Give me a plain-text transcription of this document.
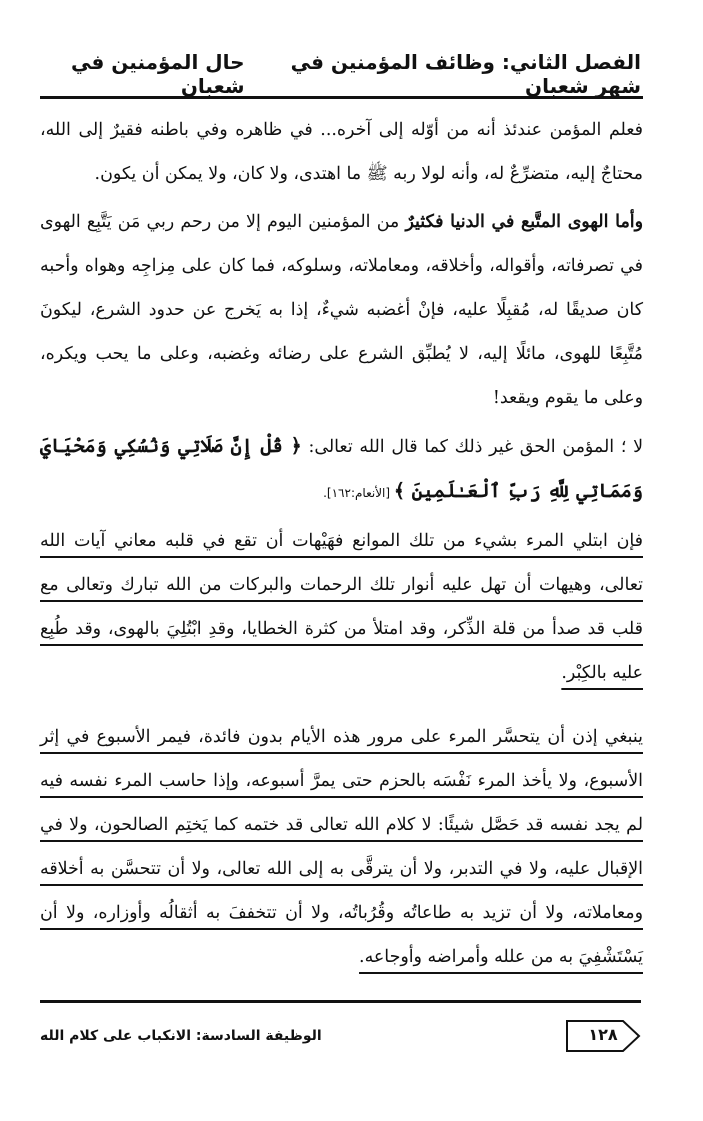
الفصل الثاني: وظائف المؤمنين في شهر شعبان
حال المؤمنين في شعبان

فعلم المؤمن عندئذ أنه من أوّله إلى آخره... في ظاهره وفي باطنه فقيرٌ إلى الله، محتاجٌ إليه، متضرِّعٌ له، وأنه لولا ربه ﷺ ما اهتدى، ولا كان، ولا يمكن أن يكون.

وأما الهوى المتَّبع في الدنيا فكثيرٌ من المؤمنين اليوم إلا من رحم ربي مَن يَتَّبِع الهوى في تصرفاته، وأقواله، وأخلاقه، ومعاملاته، وسلوكه، فما كان على مِزاجِه وهواه وأحبه كان صديقًا له، مُقبِلًا عليه، فإنْ أغضبه شيءٌ، إذا به يَخرج عن حدود الشرع، ليكونَ مُتَّبِعًا للهوى، مائلًا إليه، لا يُطبِّق الشرع على رضائه وغضبه، وعلى ما يحب ويكره، وعلى ما يقوم ويقعد!

لا ؛ المؤمن الحق غير ذلك كما قال الله تعالى: ﴿ قُلْ إِنَّ صَلَاتِي وَنُسُكِي وَمَحْيَايَ وَمَمَاتِي لِلَّهِ رَبِّ ٱلْعَـٰلَمِينَ ﴾ [الأنعام:١٦٢].

فإن ابتلي المرء بشيء من تلك الموانع فهَيْهات أن تقع في قلبه معاني آيات الله تعالى، وهيهات أن تهل عليه أنوار تلك الرحمات والبركات من الله تبارك وتعالى مع قلب قد صدأ من قلة الذِّكر، وقد امتلأ من كثرة الخطايا، وقدِ ابْتُلِيَ بالهوى، وقد طُبِع عليه بالكِبْر.

ينبغي إذن أن يتحسَّر المرء على مرور هذه الأيام بدون فائدة، فيمر الأسبوع في إثر الأسبوع، ولا يأخذ المرء نَفْسَه بالحزم حتى يمرَّ أسبوعه، وإذا حاسب المرء نفسه فيه لم يجد نفسه قد حَصَّل شيئًا: لا كلام الله تعالى قد ختمه كما يَختِم الصالحون، ولا في الإقبال عليه، ولا في التدبر، ولا أن يترقَّى به إلى الله تعالى، ولا أن تتحسَّن به أخلاقه ومعاملاته، ولا أن تزيد به طاعاتُه وقُرُباتُه، ولا أن تتخففَ به أثقالُه وأوزاره، ولا أن يَسْتَشْفِيَ به من علله وأمراضه وأوجاعه.

١٢٨
الوظيفة السادسة: الانكباب على كلام الله
